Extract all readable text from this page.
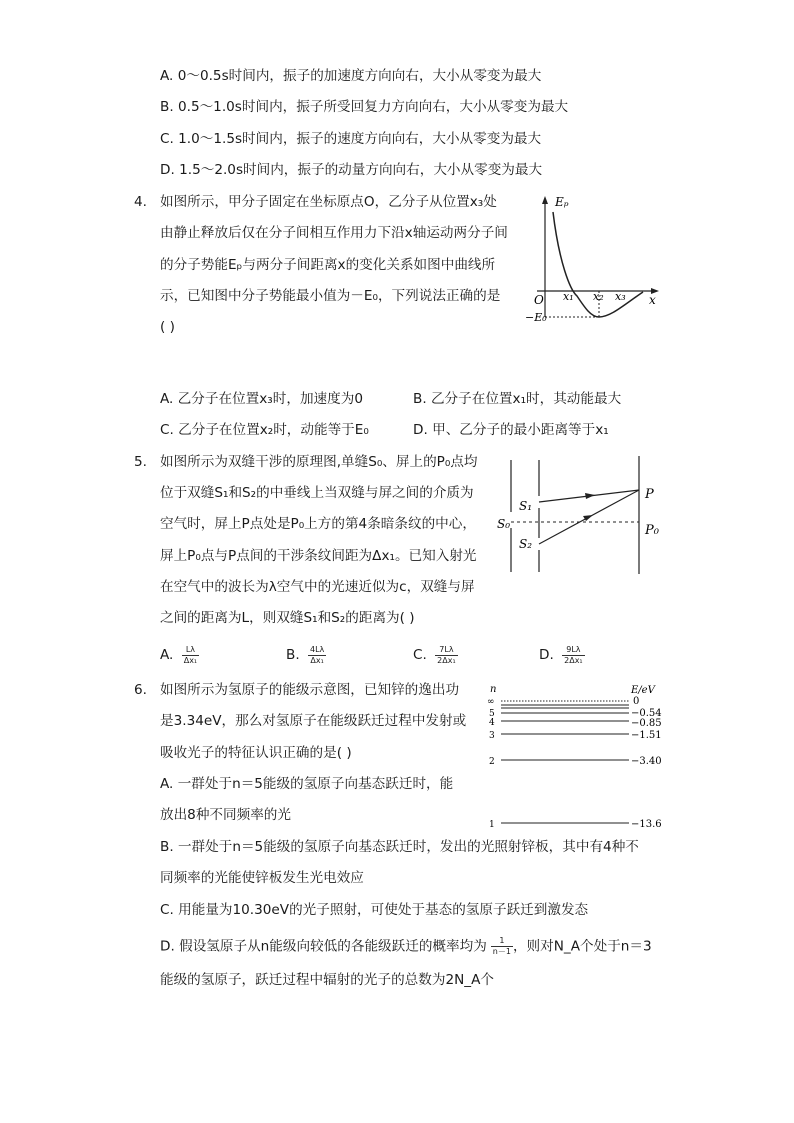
A. 0～0.5s时间内，振子的加速度方向向右，大小从零变为最大
B. 0.5～1.0s时间内，振子所受回复力方向向右，大小从零变为最大
C. 1.0～1.5s时间内，振子的速度方向向右，大小从零变为最大
D. 1.5～2.0s时间内，振子的动量方向向右，大小从零变为最大
4. 如图所示，甲分子固定在坐标原点O，乙分子从位置x₃处
由静止释放后仅在分子间相互作用力下沿x轴运动两分子间
的分子势能Eₚ与两分子间距离x的变化关系如图中曲线所
示，已知图中分子势能最小值为－E₀，下列说法正确的是
( )
Eₚ
x
O x₁ x₂ x₃
−E₀
A. 乙分子在位置x₃时，加速度为0	B. 乙分子在位置x₁时，其动能最大
C. 乙分子在位置x₂时，动能等于E₀	D. 甲、乙分子的最小距离等于x₁
5. 如图所示为双缝干涉的原理图,单缝S₀、屏上的P₀点均
位于双缝S₁和S₂的中垂线上当双缝与屏之间的介质为
空气时，屏上P点处是P₀上方的第4条暗条纹的中心，
屏上P₀点与P点间的干涉条纹间距为Δx₁。已知入射光
在空气中的波长为λ空气中的光速近似为c，双缝与屏
之间的距离为L，则双缝S₁和S₂的距离为( )
S₀
S₁
S₂
P
P₀
A. $\frac{L\lambda}{\text{Δx₁}}$	B. $\frac{4L\lambda}{\text{Δx₁}}$	C. $\frac{7L\lambda}{\text{2Δx₁}}$	D. $\frac{9L\lambda}{\text{2Δx₁}}$
6. 如图所示为氢原子的能级示意图，已知锌的逸出功
是3.34eV，那么对氢原子在能级跃迁过程中发射或
吸收光子的特征认识正确的是( )
A. 一群处于n＝5能级的氢原子向基态跃迁时，能
放出8种不同频率的光
n	E/eV
∞	0
5	−0.54
4	−0.85
3	−1.51
2	−3.40
1	−13.6
B. 一群处于n＝5能级的氢原子向基态跃迁时，发出的光照射锌板，其中有4种不
同频率的光能使锌板发生光电效应
C. 用能量为10.30eV的光子照射，可使处于基态的氢原子跃迁到激发态
D. 假设氢原子从n能级向较低的各能级跃迁的概率均为 $\frac{1}{n-1}$ ，则对N_A个处于n＝3
能级的氢原子，跃迁过程中辐射的光子的总数为2N_A个
